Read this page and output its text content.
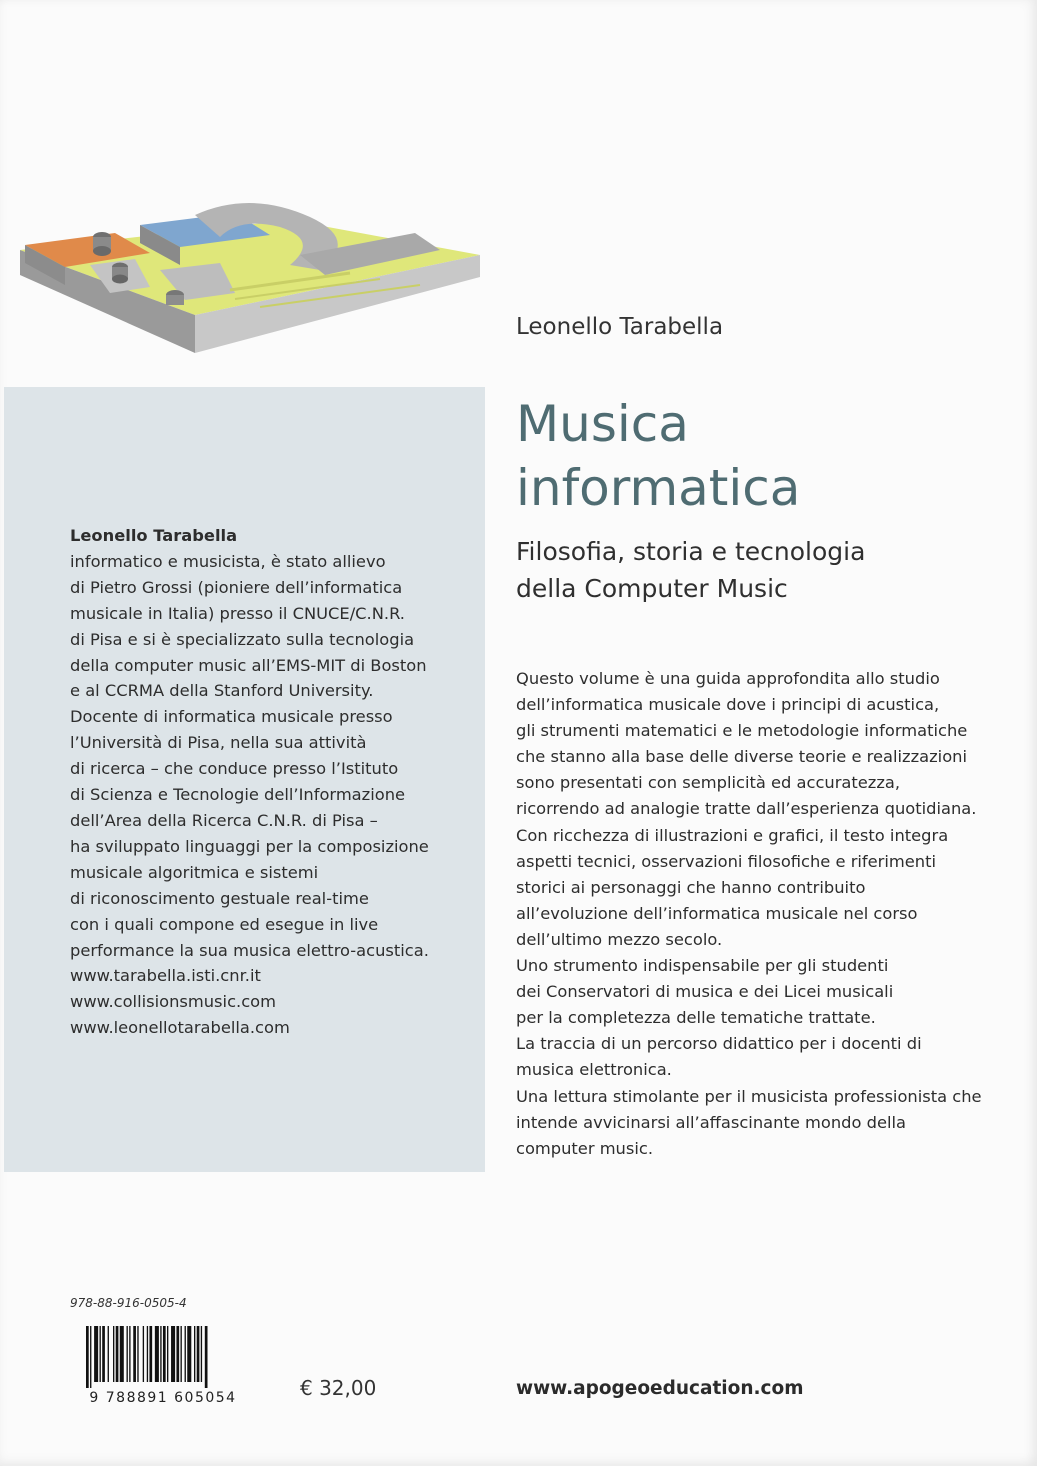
Leonello Tarabella
informatico e musicista, è stato allievo
di Pietro Grossi (pioniere dell’informatica
musicale in Italia) presso il CNUCE/C.N.R.
di Pisa e si è specializzato sulla tecnologia
della computer music all’EMS-MIT di Boston
e al CCRMA della Stanford University.
Docente di informatica musicale presso
l’Università di Pisa, nella sua attività
di ricerca – che conduce presso l’Istituto
di Scienza e Tecnologie dell’Informazione
dell’Area della Ricerca C.N.R. di Pisa –
ha sviluppato linguaggi per la composizione
musicale algoritmica e sistemi
di riconoscimento gestuale real-time
con i quali compone ed esegue in live
performance la sua musica elettro-acustica.
www.tarabella.isti.cnr.it
www.collisionsmusic.com
www.leonellotarabella.com
Leonello Tarabella
Musica
informatica
Filosofia, storia e tecnologia
della Computer Music
Questo volume è una guida approfondita allo studio
dell’informatica musicale dove i principi di acustica,
gli strumenti matematici e le metodologie informatiche
che stanno alla base delle diverse teorie e realizzazioni
sono presentati con semplicità ed accuratezza,
ricorrendo ad analogie tratte dall’esperienza quotidiana.
Con ricchezza di illustrazioni e grafici, il testo integra
aspetti tecnici, osservazioni filosofiche e riferimenti
storici ai personaggi che hanno contribuito
all’evoluzione dell’informatica musicale nel corso
dell’ultimo mezzo secolo.
Uno strumento indispensabile per gli studenti
dei Conservatori di musica e dei Licei musicali
per la completezza delle tematiche trattate.
La traccia di un percorso didattico per i docenti di
musica elettronica.
Una lettura stimolante per il musicista professionista che
intende avvicinarsi all’affascinante mondo della
computer music.
978-88-916-0505-4
9 788891 605054	€ 32,00	www.apogeoeducation.com
